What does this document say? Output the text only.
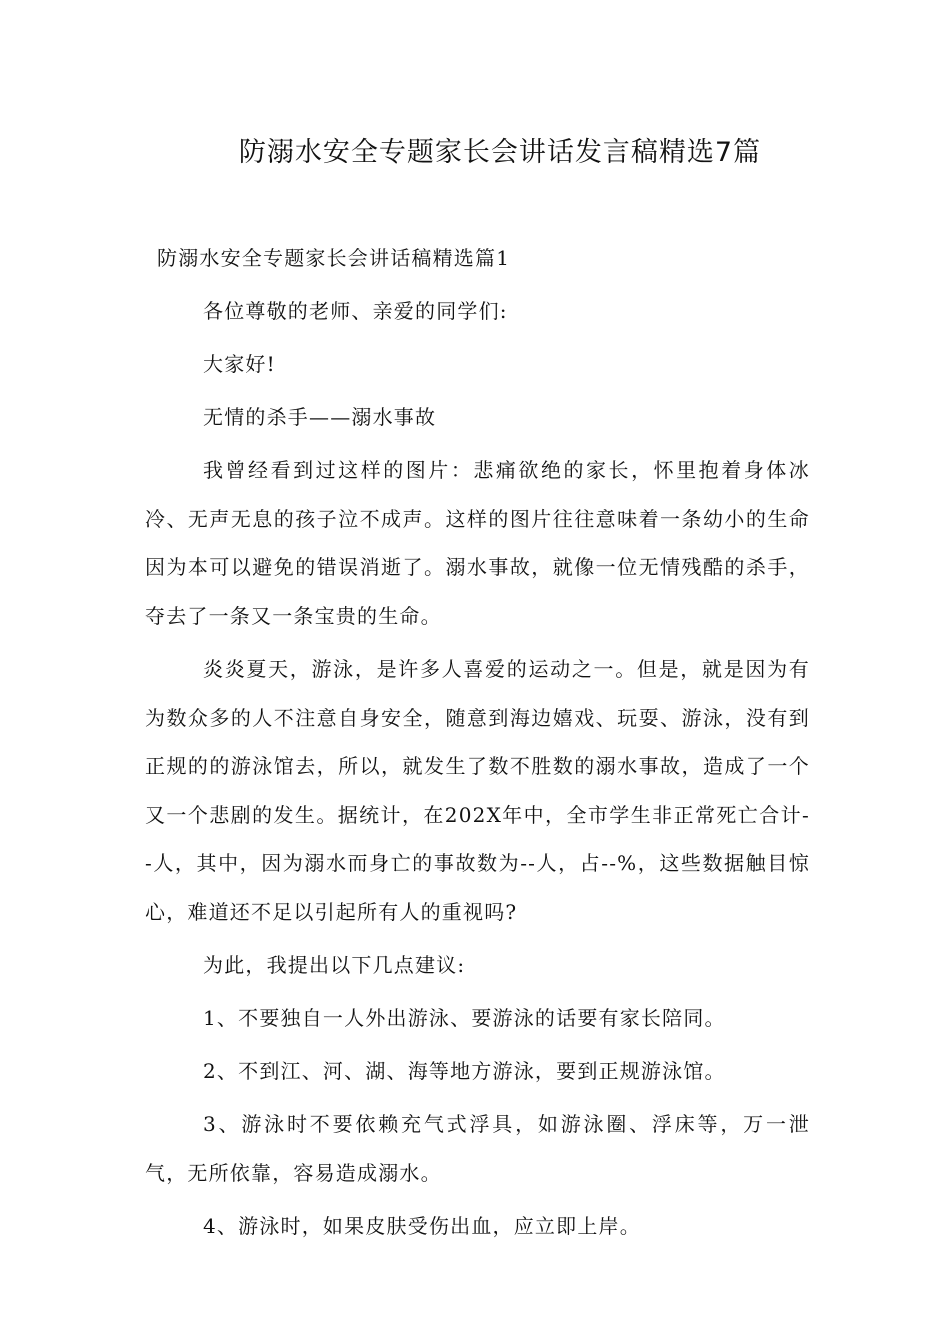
防溺水安全专题家长会讲话发言稿精选7篇

防溺水安全专题家长会讲话稿精选篇1

各位尊敬的老师、亲爱的同学们:

大家好!

无情的杀手——溺水事故

我曾经看到过这样的图片：悲痛欲绝的家长，怀里抱着身体冰冷、无声无息的孩子泣不成声。这样的图片往往意味着一条幼小的生命因为本可以避免的错误消逝了。溺水事故，就像一位无情残酷的杀手，夺去了一条又一条宝贵的生命。

炎炎夏天，游泳，是许多人喜爱的运动之一。但是，就是因为有为数众多的人不注意自身安全，随意到海边嬉戏、玩耍、游泳，没有到正规的的游泳馆去，所以，就发生了数不胜数的溺水事故，造成了一个又一个悲剧的发生。据统计，在202X年中，全市学生非正常死亡合计--人，其中，因为溺水而身亡的事故数为--人，占--%，这些数据触目惊心，难道还不足以引起所有人的重视吗?

为此，我提出以下几点建议:

1、不要独自一人外出游泳、要游泳的话要有家长陪同。

2、不到江、河、湖、海等地方游泳，要到正规游泳馆。

3、游泳时不要依赖充气式浮具，如游泳圈、浮床等，万一泄气，无所依靠，容易造成溺水。

4、游泳时，如果皮肤受伤出血，应立即上岸。
